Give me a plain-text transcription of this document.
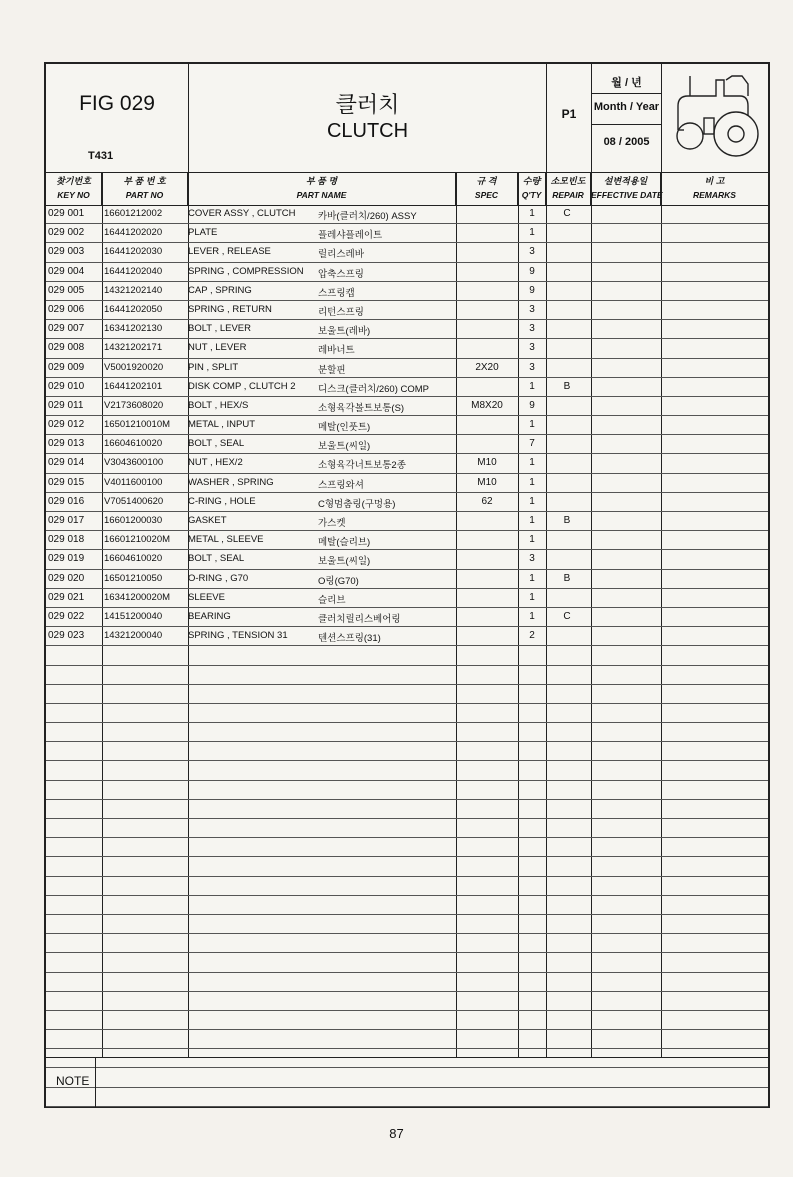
FIG 029
T431
클러치
CLUTCH
P1
월 / 년
Month / Year
08 / 2005
찾기번호
KEY NO
부 품 번 호
PART NO
부 품 명
PART NAME
규 격
SPEC
수량
Q'TY
소모빈도
REPAIR
설변적용일
EFFECTIVE DATE
비 고
REMARKS
029 001	16601212002	COVER ASSY , CLUTCH	카바(클러치/260) ASSY	1	C
029 002	16441202020	PLATE	플레샤플레이트	1
029 003	16441202030	LEVER , RELEASE	릴리스레바	3
029 004	16441202040	SPRING , COMPRESSION	압축스프링	9
029 005	14321202140	CAP , SPRING	스프링캡	9
029 006	16441202050	SPRING , RETURN	리턴스프링	3
029 007	16341202130	BOLT , LEVER	보울트(레바)	3
029 008	14321202171	NUT , LEVER	레바너트	3
029 009	V5001920020	PIN , SPLIT	분할핀	2X20	3
029 010	16441202101	DISK COMP , CLUTCH 2	디스크(클러치/260) COMP	1	B
029 011	V2173608020	BOLT , HEX/S	소형육각볼트보통(S)	M8X20	9
029 012	16501210010M	METAL , INPUT	메탈(인풋트)	1
029 013	16604610020	BOLT , SEAL	보울트(씨일)	7
029 014	V3043600100	NUT , HEX/2	소형육각너트보통2종	M10	1
029 015	V4011600100	WASHER , SPRING	스프링와셔	M10	1
029 016	V7051400620	C-RING , HOLE	C형멈춤링(구멍용)	62	1
029 017	16601200030	GASKET	가스켓	1	B
029 018	16601210020M	METAL , SLEEVE	메탈(슬리브)	1
029 019	16604610020	BOLT , SEAL	보울트(씨일)	3
029 020	16501210050	O-RING , G70	O링(G70)	1	B
029 021	16341200020M	SLEEVE	슬리브	1
029 022	14151200040	BEARING	클러치릴리스베어링	1	C
029 023	14321200040	SPRING , TENSION 31	텐션스프링(31)	2
NOTE
87
